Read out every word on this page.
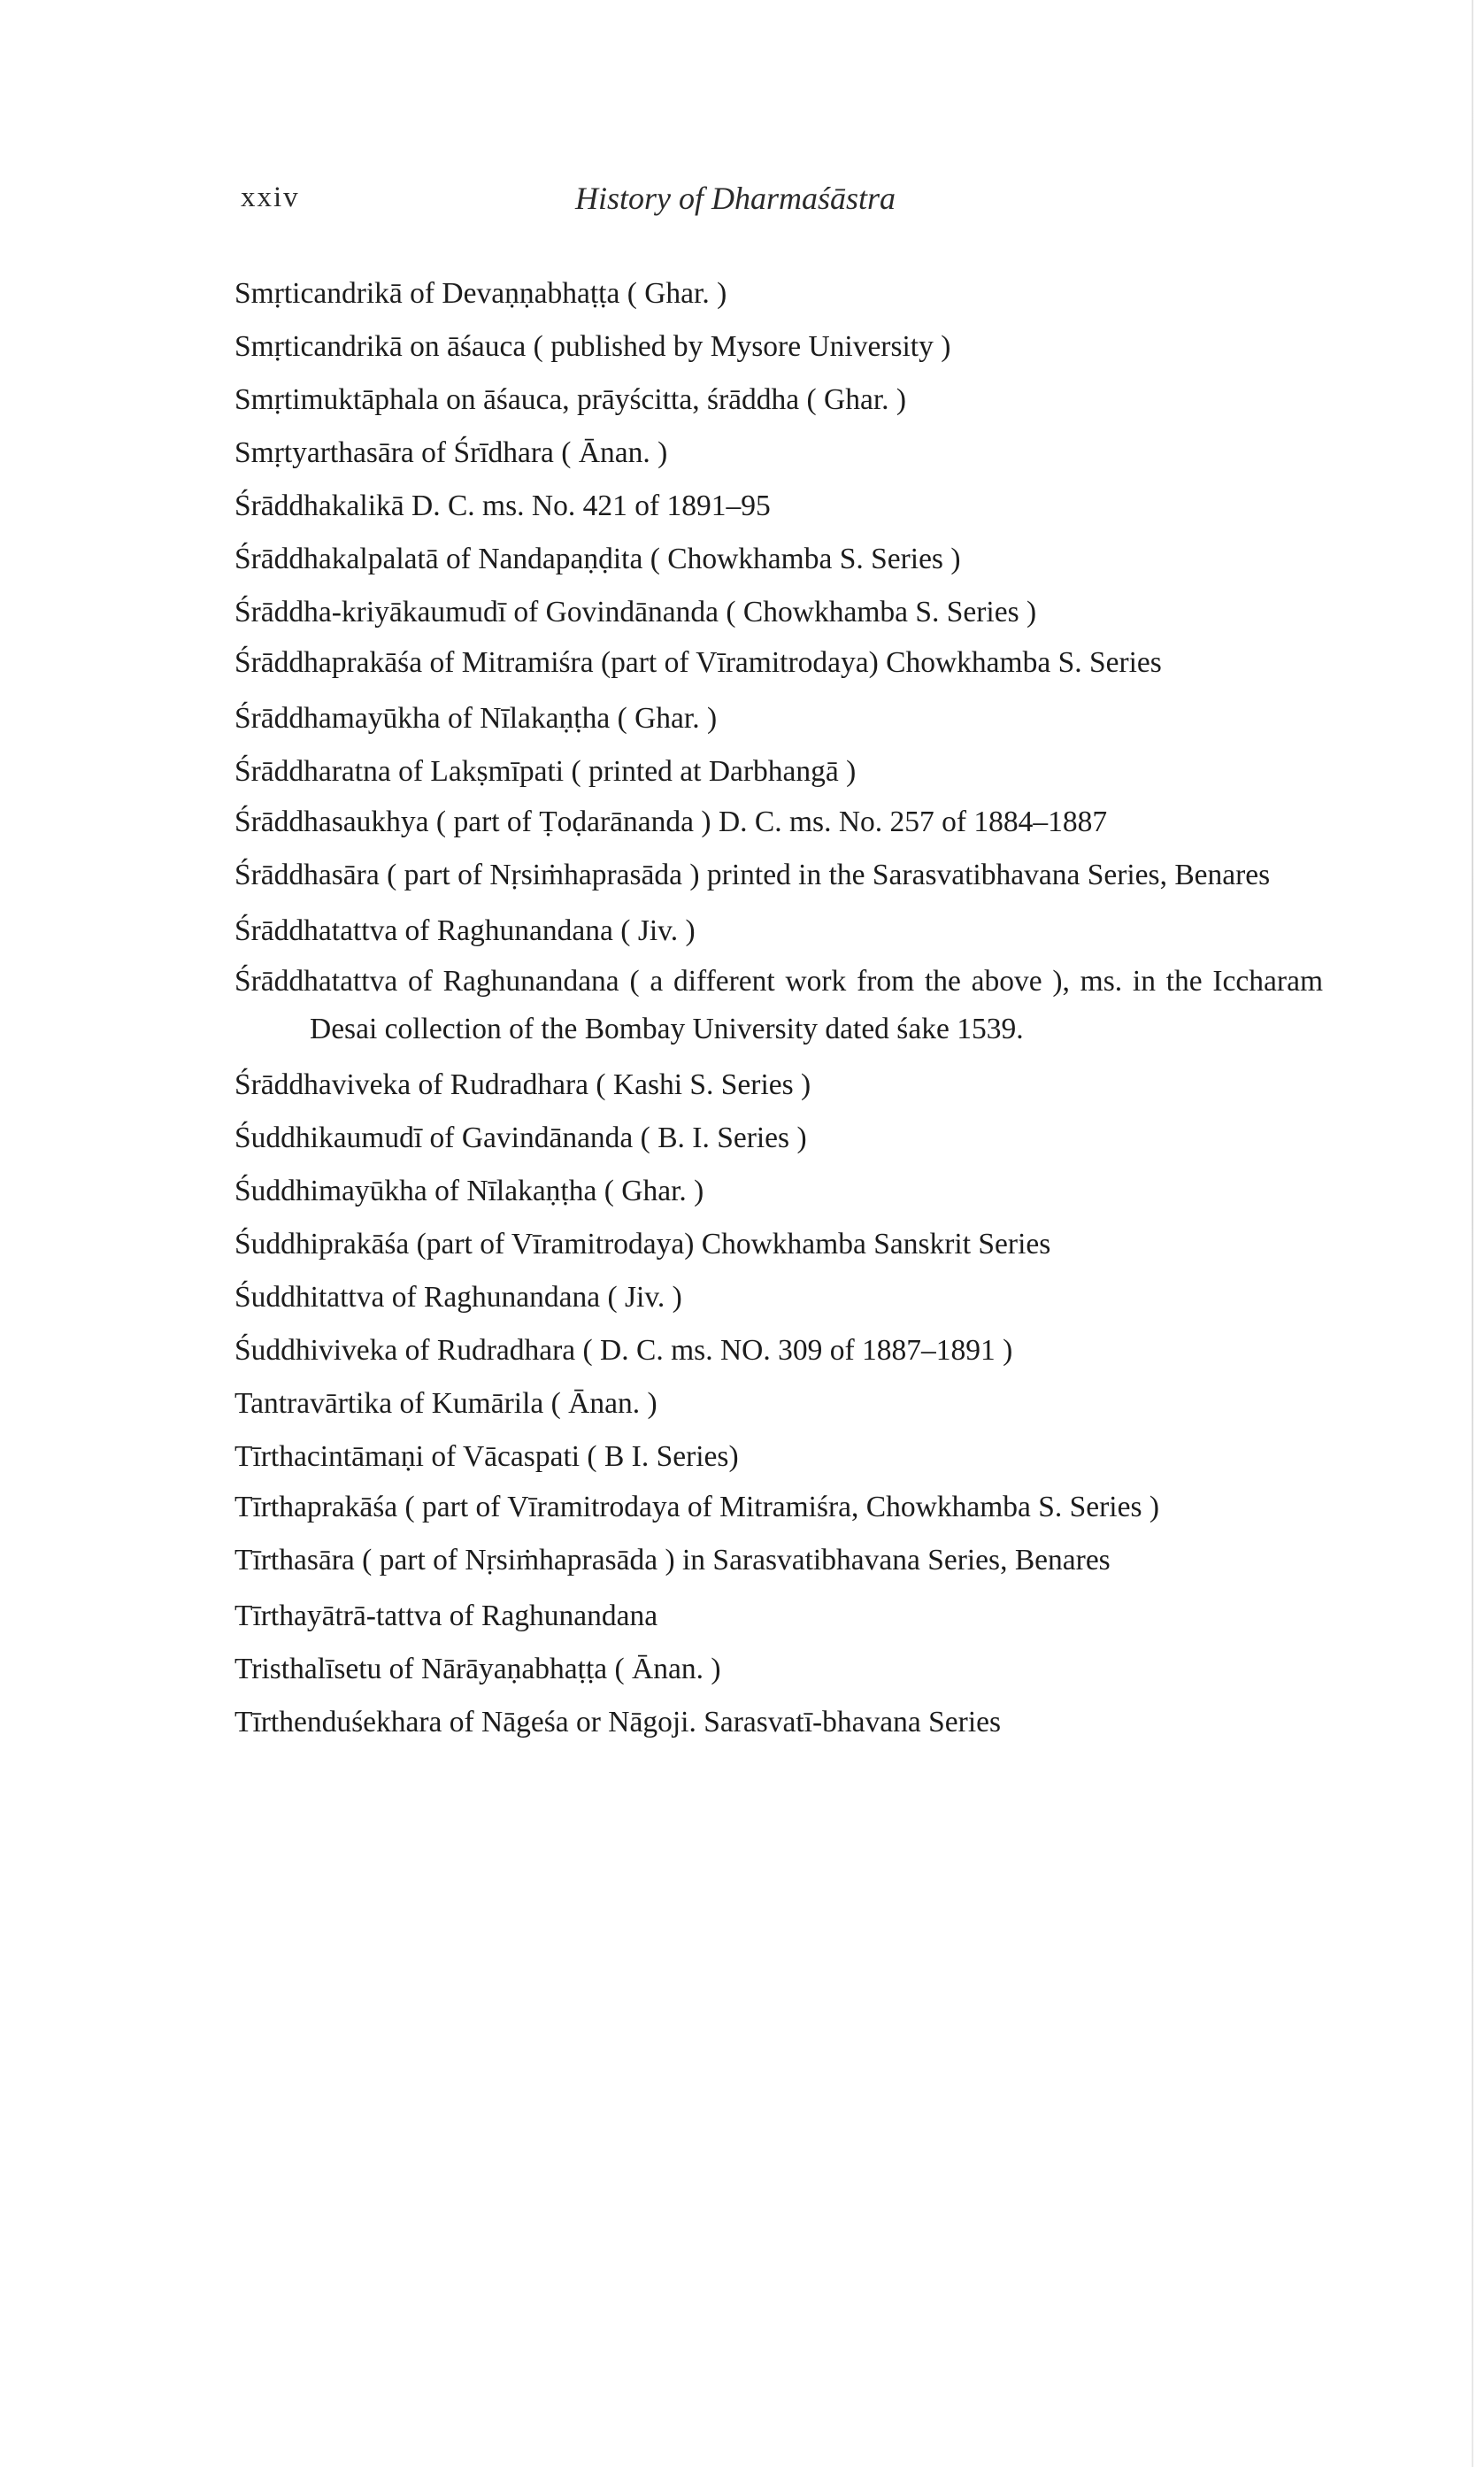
xxiv	History of Dharmaśāstra
Smṛticandrikā of Devaṇṇabhaṭṭa ( Ghar. )
Smṛticandrikā on āśauca ( published by Mysore University )
Smṛtimuktāphala on āśauca, prāyścitta, śrāddha ( Ghar. )
Smṛtyarthasāra of Śrīdhara ( Ānan. )
Śrāddhakalikā D. C. ms. No. 421 of 1891–95
Śrāddhakalpalatā of Nandapaṇḍita ( Chowkhamba S. Series )
Śrāddha-kriyākaumudī of Govindānanda ( Chowkhamba S. Series )
Śrāddhaprakāśa of Mitramiśra (part of Vīramitrodaya) Chowkhamba S. Series
Śrāddhamayūkha of Nīlakaṇṭha ( Ghar. )
Śrāddharatna of Lakṣmīpati ( printed at Darbhangā )
Śrāddhasaukhya ( part of Ṭoḍarānanda ) D. C. ms. No. 257 of 1884–1887
Śrāddhasāra ( part of Nṛsiṁhaprasāda ) printed in the Sarasvatibhavana Series, Benares
Śrāddhatattva of Raghunandana ( Jiv. )
Śrāddhatattva of Raghunandana ( a different work from the above ), ms. in the Iccharam Desai collection of the Bombay University dated śake 1539.
Śrāddhaviveka of Rudradhara ( Kashi S. Series )
Śuddhikaumudī of Gavindānanda ( B. I. Series )
Śuddhimayūkha of Nīlakaṇṭha ( Ghar. )
Śuddhiprakāśa (part of Vīramitrodaya) Chowkhamba Sanskrit Series
Śuddhitattva of Raghunandana ( Jiv. )
Śuddhiviveka of Rudradhara ( D. C. ms. NO. 309 of 1887–1891 )
Tantravārtika of Kumārila ( Ānan. )
Tīrthacintāmaṇi of Vācaspati ( B I. Series)
Tīrthaprakāśa ( part of Vīramitrodaya of Mitramiśra, Chowkhamba S. Series )
Tīrthasāra ( part of Nṛsiṁhaprasāda ) in Sarasvatibhavana Series, Benares
Tīrthayātrā-tattva of Raghunandana
Tristhalīsetu of Nārāyaṇabhaṭṭa ( Ānan. )
Tīrthenduśekhara of Nāgeśa or Nāgoji. Sarasvatī-bhavana Series
